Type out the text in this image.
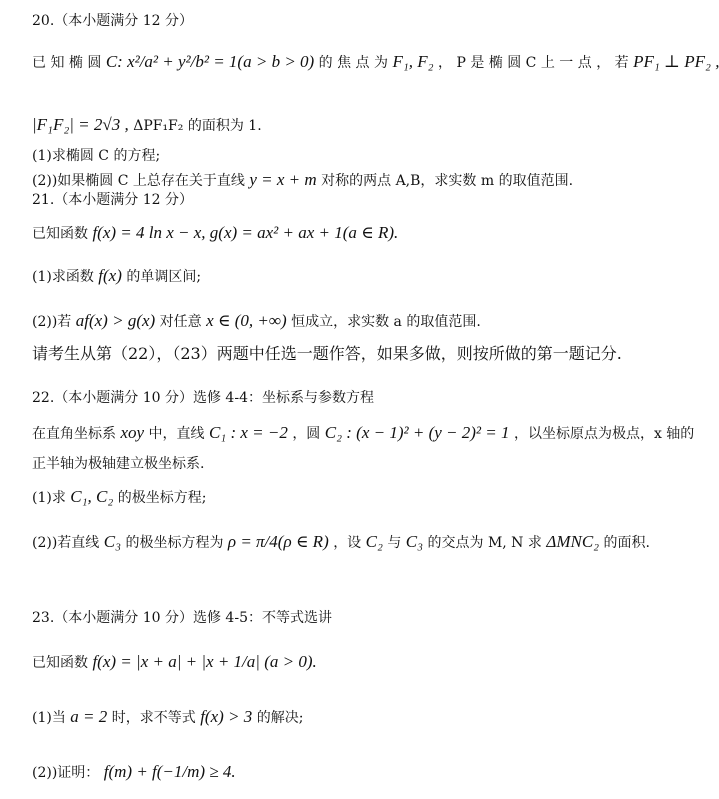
20.（本小题满分 12 分）
已 知 椭 圆 C: x²/a² + y²/b² = 1(a > b > 0) 的 焦 点 为 F₁, F₂ ， P 是 椭 圆 C 上 一 点 ， 若 PF₁ ⊥ PF₂ ,
|F₁F₂| = 2√3 , ΔPF₁F₂ 的面积为 1.
(1)求椭圆 C 的方程;
(2))如果椭圆 C 上总存在关于直线 y = x + m 对称的两点 A,B，求实数 m 的取值范围.
21.（本小题满分 12 分）
已知函数 f(x) = 4 ln x − x, g(x) = ax² + ax + 1(a ∈ R).
(1)求函数 f(x) 的单调区间;
(2))若 af(x) > g(x) 对任意 x ∈ (0, +∞) 恒成立，求实数 a 的取值范围.
请考生从第（22），（23）两题中任选一题作答，如果多做，则按所做的第一题记分.
22.（本小题满分 10 分）选修 4-4：坐标系与参数方程
在直角坐标系 xoy 中，直线 C₁ : x = −2 ，圆 C₂ : (x − 1)² + (y − 2)² = 1 ，以坐标原点为极点，x 轴的
正半轴为极轴建立极坐标系.
(1)求 C₁, C₂ 的极坐标方程;
(2))若直线 C₃ 的极坐标方程为 ρ = π/4(ρ ∈ R) ，设 C₂ 与 C₃ 的交点为 M, N 求 ΔMNC₂ 的面积.
23.（本小题满分 10 分）选修 4-5：不等式选讲
已知函数 f(x) = |x + a| + |x + 1/a| (a > 0).
(1)当 a = 2 时，求不等式 f(x) > 3 的解决;
(2))证明： f(m) + f(−1/m) ≥ 4.
